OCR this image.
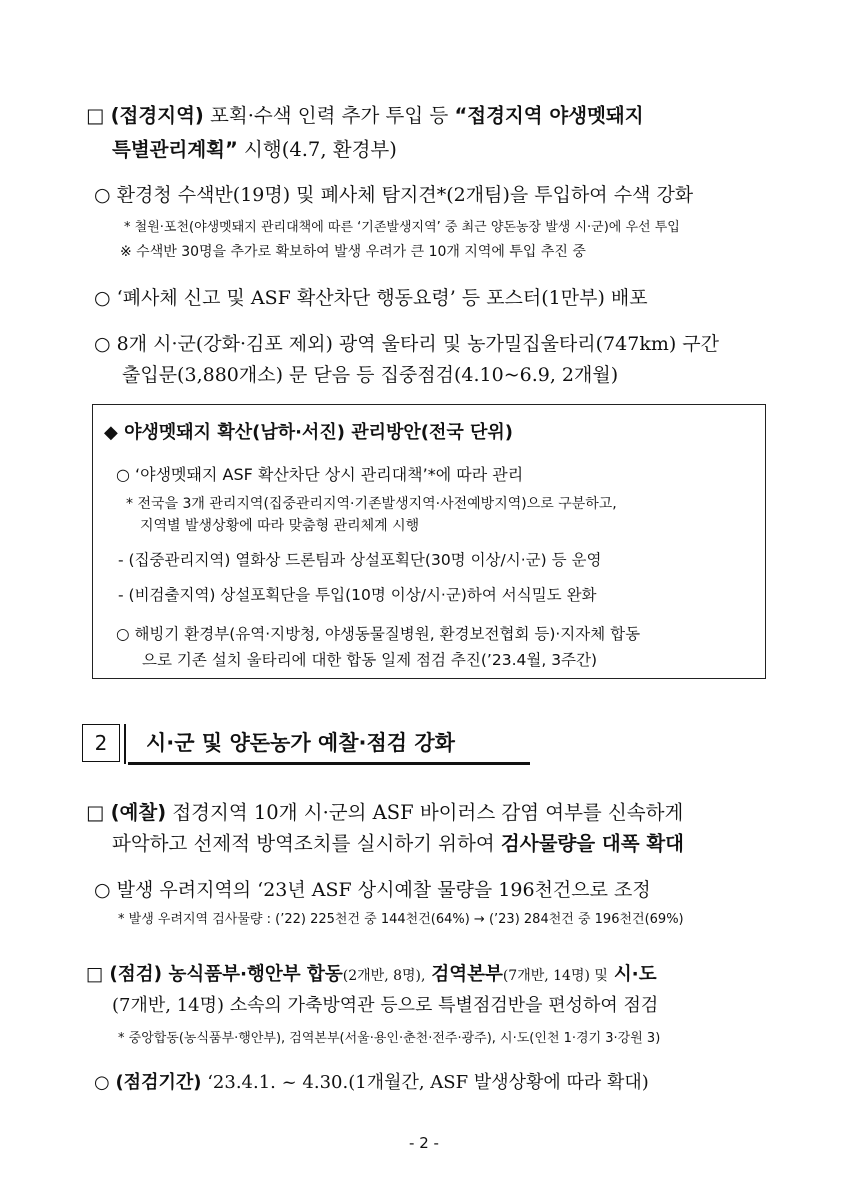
□ (접경지역) 포획·수색 인력 추가 투입 등 “접경지역 야생멧돼지
특별관리계획” 시행(4.7, 환경부)
○ 환경청 수색반(19명) 및 폐사체 탐지견*(2개팀)을 투입하여 수색 강화
* 철원·포천(야생멧돼지 관리대책에 따른 ‘기존발생지역’ 중 최근 양돈농장 발생 시·군)에 우선 투입
※ 수색반 30명을 추가로 확보하여 발생 우려가 큰 10개 지역에 투입 추진 중
○ ‘폐사체 신고 및 ASF 확산차단 행동요령’ 등 포스터(1만부) 배포
○ 8개 시·군(강화·김포 제외) 광역 울타리 및 농가밀집울타리(747km) 구간
출입문(3,880개소) 문 닫음 등 집중점검(4.10~6.9, 2개월)
◆ 야생멧돼지 확산(남하·서진) 관리방안(전국 단위)
○ ‘야생멧돼지 ASF 확산차단 상시 관리대책’*에 따라 관리
* 전국을 3개 관리지역(집중관리지역·기존발생지역·사전예방지역)으로 구분하고,
지역별 발생상황에 따라 맞춤형 관리체계 시행
- (집중관리지역) 열화상 드론팀과 상설포획단(30명 이상/시·군) 등 운영
- (비검출지역) 상설포획단을 투입(10명 이상/시·군)하여 서식밀도 완화
○ 해빙기 환경부(유역·지방청, 야생동물질병원, 환경보전협회 등)·지자체 합동
으로 기존 설치 울타리에 대한 합동 일제 점검 추진(’23.4월, 3주간)
2	시·군 및 양돈농가 예찰·점검 강화
□ (예찰) 접경지역 10개 시·군의 ASF 바이러스 감염 여부를 신속하게
파악하고 선제적 방역조치를 실시하기 위하여 검사물량을 대폭 확대
○ 발생 우려지역의 ‘23년 ASF 상시예찰 물량을 196천건으로 조정
* 발생 우려지역 검사물량 : (’22) 225천건 중 144천건(64%) → (’23) 284천건 중 196천건(69%)
□ (점검) 농식품부·행안부 합동(2개반, 8명), 검역본부(7개반, 14명) 및 시·도
(7개반, 14명) 소속의 가축방역관 등으로 특별점검반을 편성하여 점검
* 중앙합동(농식품부·행안부), 검역본부(서울·용인·춘천·전주·광주), 시·도(인천 1·경기 3·강원 3)
○ (점검기간) ‘23.4.1. ~ 4.30.(1개월간, ASF 발생상황에 따라 확대)
- 2 -
